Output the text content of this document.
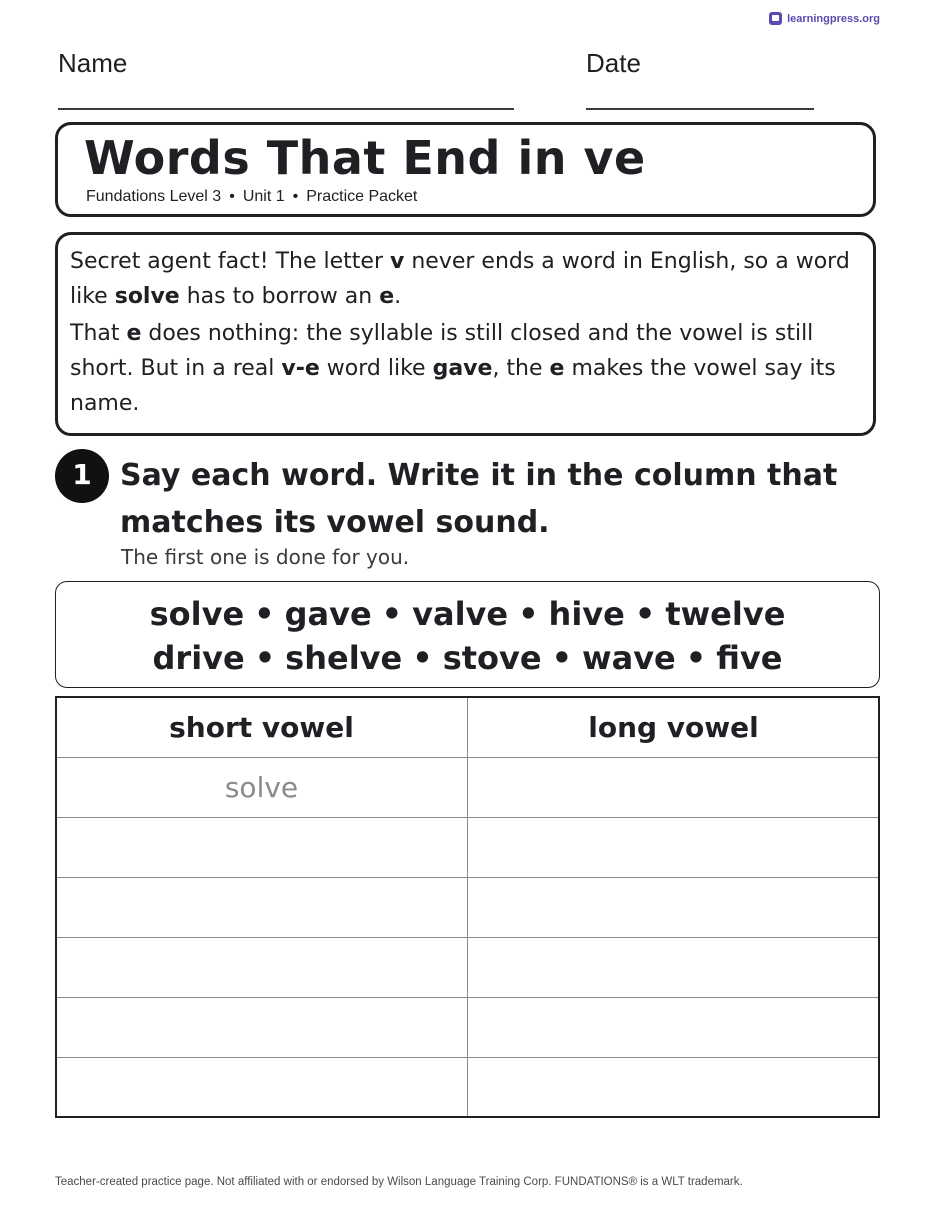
learningpress.org
Name	Date
Words That End in ve
Fundations Level 3 • Unit 1 • Practice Packet

Secret agent fact! The letter v never ends a word in English, so a word like solve has to borrow an e.

That e does nothing: the syllable is still closed and the vowel is still short. But in a real v-e word like gave, the e makes the vowel say its name.

1 Say each word. Write it in the column that matches its vowel sound.
The first one is done for you.
solve • gave • valve • hive • twelve
drive • shelve • stove • wave • five
short vowel	long vowel
solve	

Teacher-created practice page. Not affiliated with or endorsed by Wilson Language Training Corp. FUNDATIONS® is a WLT trademark.
